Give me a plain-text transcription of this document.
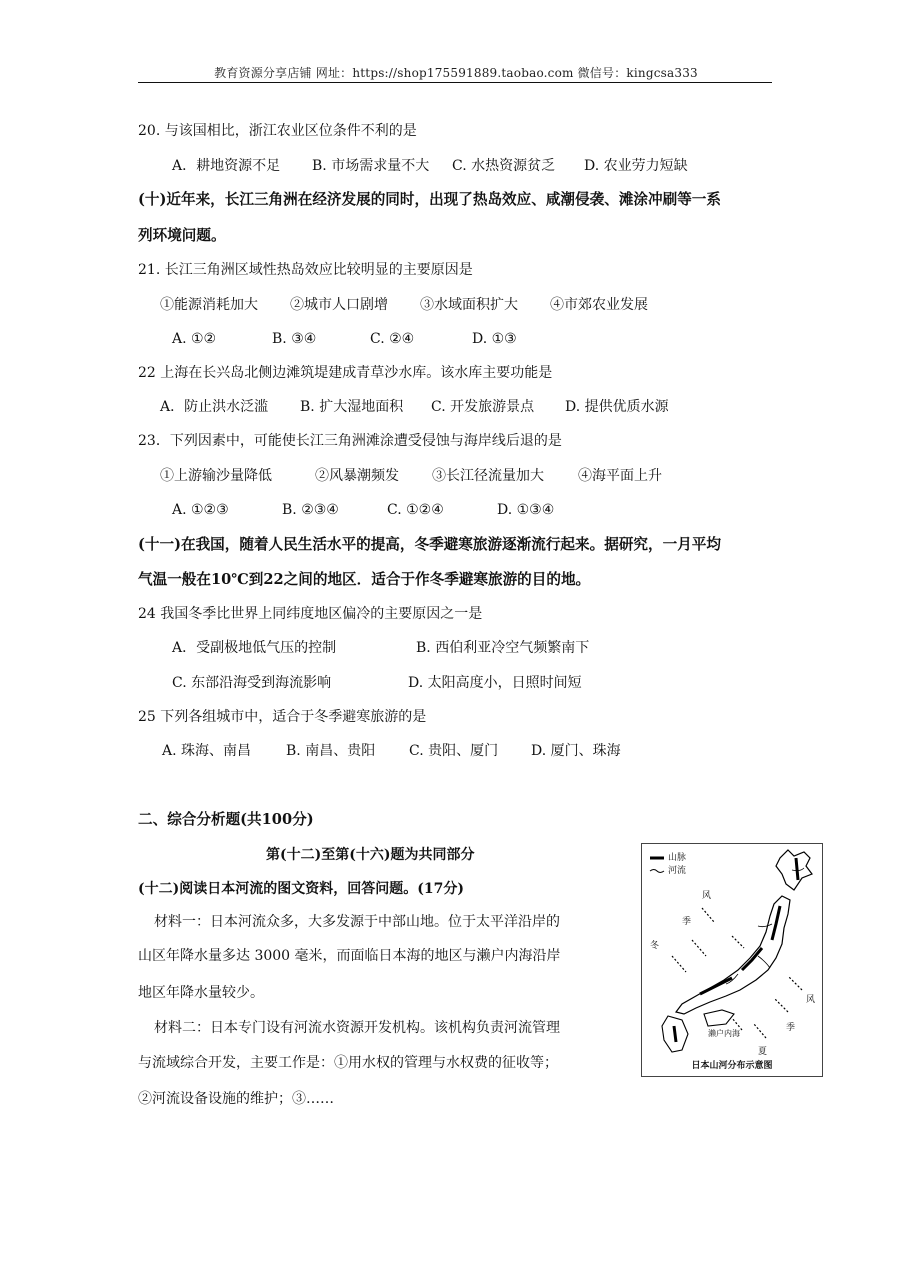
教育资源分享店铺 网址：https://shop175591889.taobao.com 微信号：kingcsa333
20. 与该国相比，浙江农业区位条件不利的是
A．耕地资源不足 B. 市场需求量不大 C. 水热资源贫乏 D. 农业劳力短缺
(十)近年来，长江三角洲在经济发展的同时，出现了热岛效应、咸潮侵袭、滩涂冲刷等一系
列环境问题。
21. 长江三角洲区域性热岛效应比较明显的主要原因是
①能源消耗加大 ②城市人口剧增 ③水域面积扩大 ④市郊农业发展
A. ①②	B. ③④	C. ②④	D. ①③
22 上海在长兴岛北侧边滩筑堤建成青草沙水库。该水库主要功能是
A．防止洪水泛滥 B. 扩大湿地面积 C. 开发旅游景点 D. 提供优质水源
23．下列因素中，可能使长江三角洲滩涂遭受侵蚀与海岸线后退的是
①上游输沙量降低	②风暴潮频发 ③长江径流量加大 ④海平面上升
A. ①②③	B. ②③④	C. ①②④	D. ①③④
(十一)在我国，随着人民生活水平的提高，冬季避寒旅游逐渐流行起来。据研究，一月平均
气温一般在10℃到22之间的地区．适合于作冬季避寒旅游的目的地。
24 我国冬季比世界上同纬度地区偏冷的主要原因之一是
A．受副极地低气压的控制	B. 西伯利亚冷空气频繁南下
C. 东部沿海受到海流影响	D. 太阳高度小，日照时间短
25 下列各组城市中，适合于冬季避寒旅游的是
A. 珠海、南昌 B. 南昌、贵阳 C. 贵阳、厦门 D. 厦门、珠海
二、综合分析题(共100分)
第(十二)至第(十六)题为共同部分
(十二)阅读日本河流的图文资料，回答问题。(17分)
材料一：日本河流众多，大多发源于中部山地。位于太平洋沿岸的
山区年降水量多达 3000 毫米，而面临日本海的地区与濑户内海沿岸
地区年降水量较少。
材料二：日本专门设有河流水资源开发机构。该机构负责河流管理
与流域综合开发，主要工作是：①用水权的管理与水权费的征收等；
②河流设备设施的维护；③……
山脉
河流
风
季
冬
风
季
夏
濑户内海
日本山河分布示意图
